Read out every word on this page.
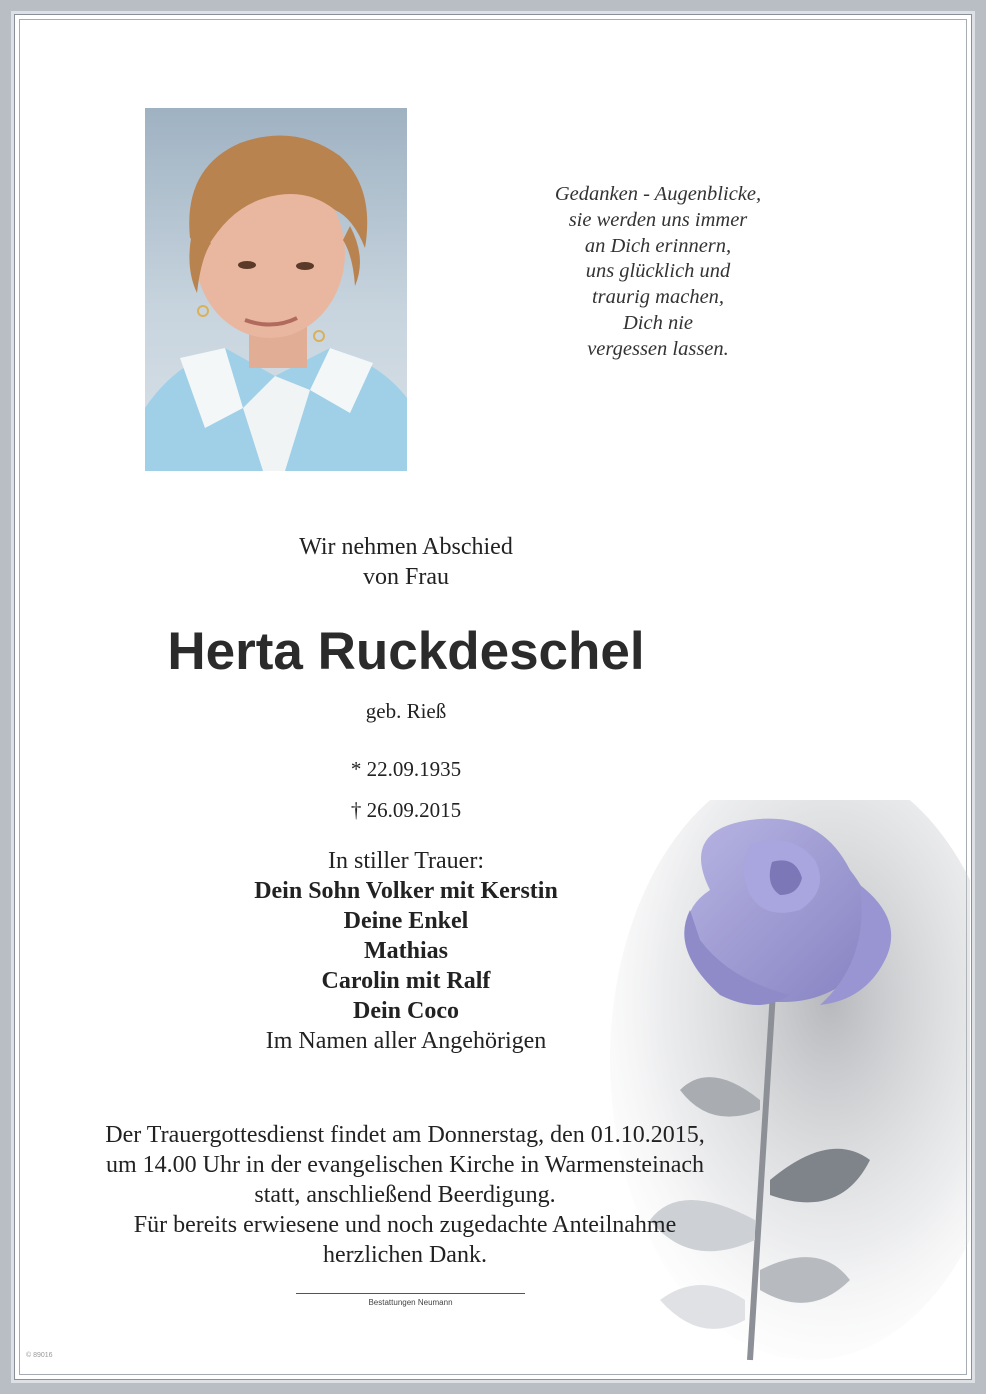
Gedanken - Augenblicke,
sie werden uns immer
an Dich erinnern,
uns glücklich und
traurig machen,
Dich nie
vergessen lassen.
Wir nehmen Abschied
von Frau
Herta Ruckdeschel
geb. Rieß
* 22.09.1935
† 26.09.2015
In stiller Trauer:
Dein Sohn Volker mit Kerstin
Deine Enkel
Mathias
Carolin mit Ralf
Dein Coco
Im Namen aller Angehörigen
Der Trauergottesdienst findet am Donnerstag, den 01.10.2015,
um 14.00 Uhr in der evangelischen Kirche in Warmensteinach
statt, anschließend Beerdigung.
Für bereits erwiesene und noch zugedachte Anteilnahme
herzlichen Dank.
Bestattungen Neumann
© 89016
